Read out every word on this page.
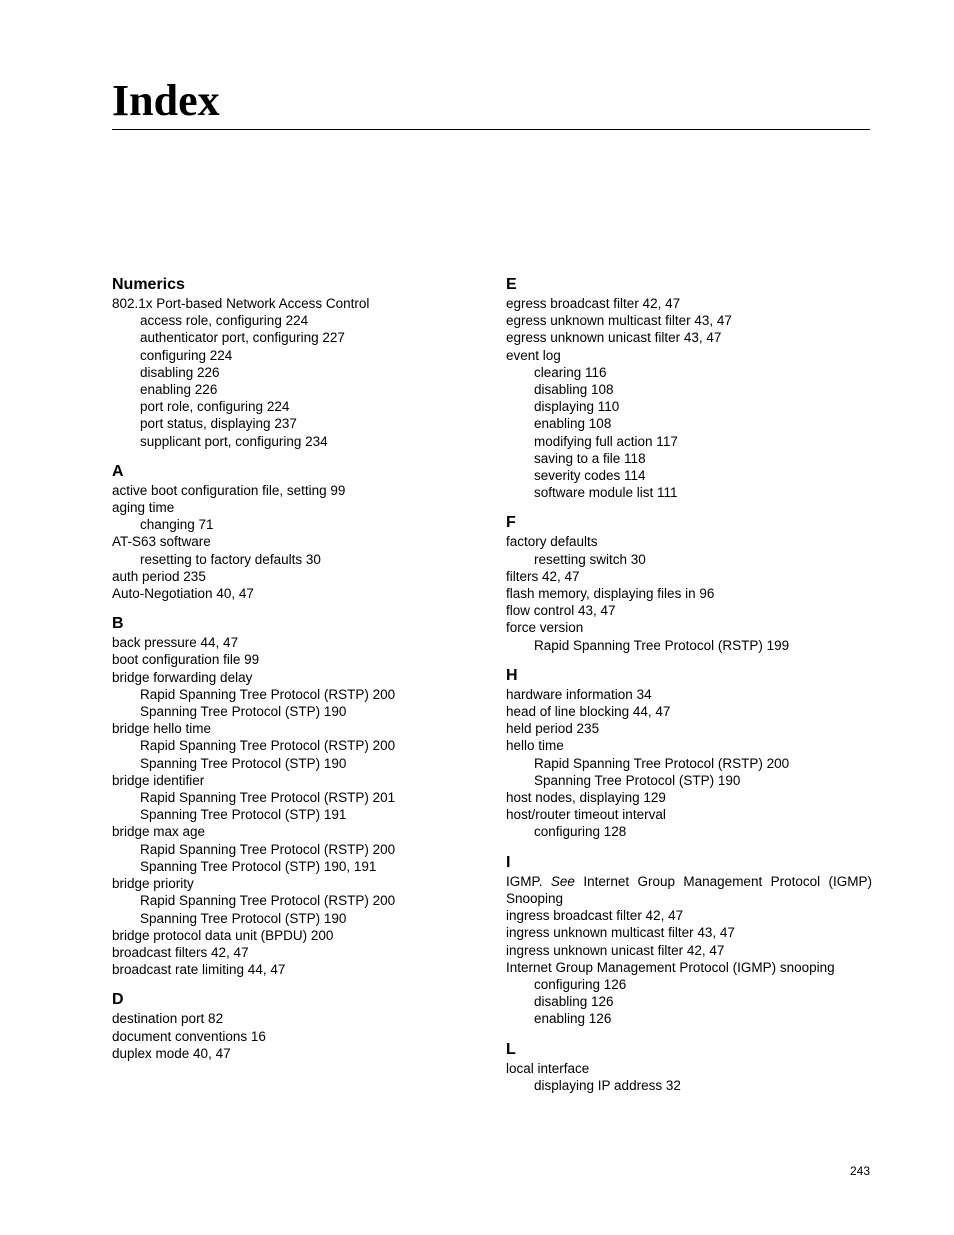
Index
Numerics
802.1x Port-based Network Access Control
access role, configuring 224
authenticator port, configuring 227
configuring 224
disabling 226
enabling 226
port role, configuring 224
port status, displaying 237
supplicant port, configuring 234
A
active boot configuration file, setting 99
aging time
changing 71
AT-S63 software
resetting to factory defaults 30
auth period 235
Auto-Negotiation 40, 47
B
back pressure 44, 47
boot configuration file 99
bridge forwarding delay
Rapid Spanning Tree Protocol (RSTP) 200
Spanning Tree Protocol (STP) 190
bridge hello time
Rapid Spanning Tree Protocol (RSTP) 200
Spanning Tree Protocol (STP) 190
bridge identifier
Rapid Spanning Tree Protocol (RSTP) 201
Spanning Tree Protocol (STP) 191
bridge max age
Rapid Spanning Tree Protocol (RSTP) 200
Spanning Tree Protocol (STP) 190, 191
bridge priority
Rapid Spanning Tree Protocol (RSTP) 200
Spanning Tree Protocol (STP) 190
bridge protocol data unit (BPDU) 200
broadcast filters 42, 47
broadcast rate limiting 44, 47
D
destination port 82
document conventions 16
duplex mode 40, 47
E
egress broadcast filter 42, 47
egress unknown multicast filter 43, 47
egress unknown unicast filter 43, 47
event log
clearing 116
disabling 108
displaying 110
enabling 108
modifying full action 117
saving to a file 118
severity codes 114
software module list 111
F
factory defaults
resetting switch 30
filters 42, 47
flash memory, displaying files in 96
flow control 43, 47
force version
Rapid Spanning Tree Protocol (RSTP) 199
H
hardware information 34
head of line blocking 44, 47
held period 235
hello time
Rapid Spanning Tree Protocol (RSTP) 200
Spanning Tree Protocol (STP) 190
host nodes, displaying 129
host/router timeout interval
configuring 128
I
IGMP. See Internet Group Management Protocol (IGMP) Snooping
ingress broadcast filter 42, 47
ingress unknown multicast filter 43, 47
ingress unknown unicast filter 42, 47
Internet Group Management Protocol (IGMP) snooping
configuring 126
disabling 126
enabling 126
L
local interface
displaying IP address 32
243
